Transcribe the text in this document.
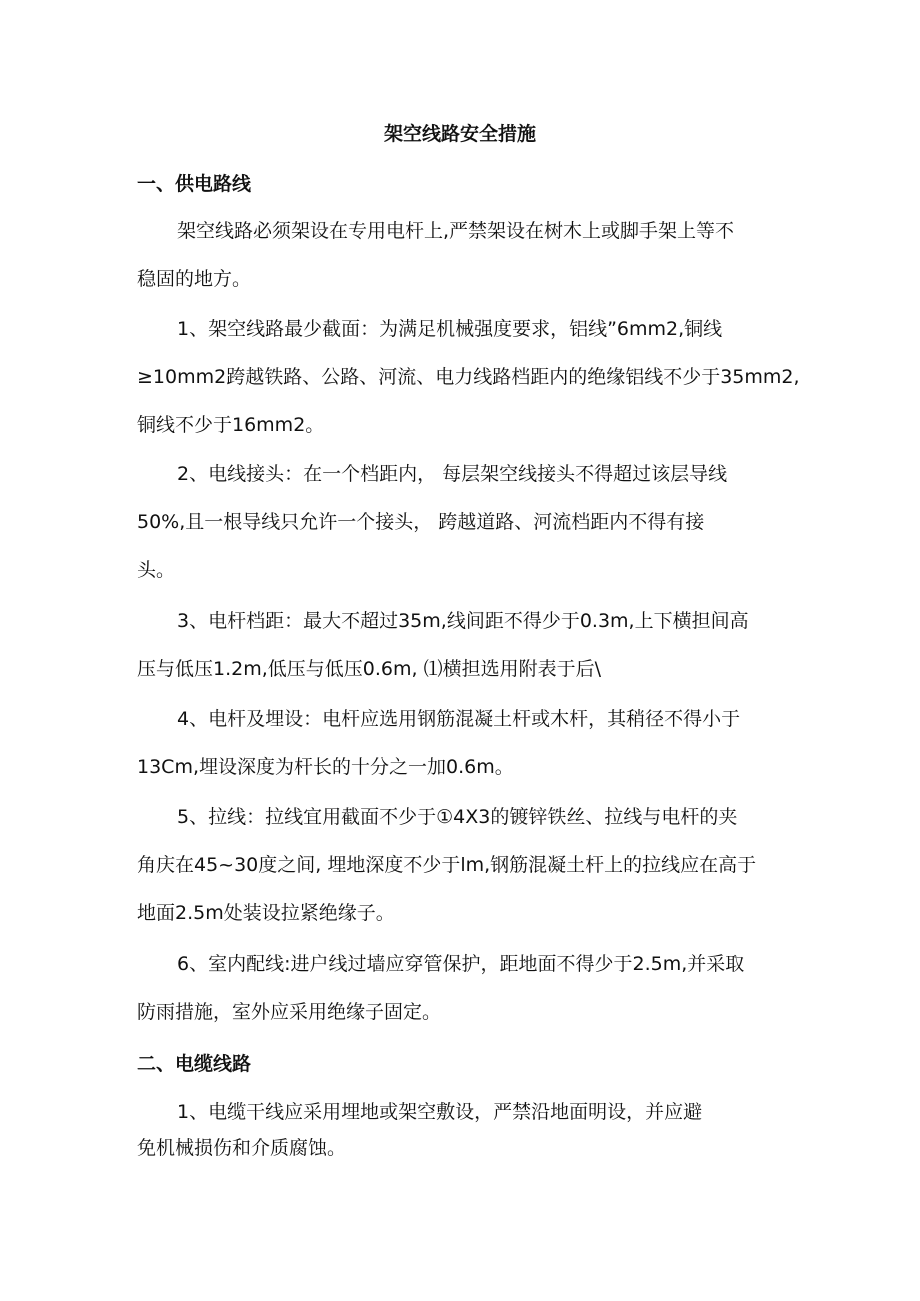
架空线路安全措施
一、供电路线

架空线路必须架设在专用电杆上,严禁架设在树木上或脚手架上等不
稳固的地方。

1、架空线路最少截面：为满足机械强度要求，铝线”6mm2,铜线
≥10mm2跨越铁路、公路、河流、电力线路档距内的绝缘铝线不少于35mm2,
铜线不少于16mm2。

2、电线接头：在一个档距内， 每层架空线接头不得超过该层导线
50%,且一根导线只允许一个接头， 跨越道路、河流档距内不得有接
头。

3、电杆档距：最大不超过35m,线间距不得少于0.3m,上下横担间高
压与低压1.2m,低压与低压0.6m, ⑴横担选用附表于后\

4、电杆及埋设：电杆应选用钢筋混凝土杆或木杆，其稍径不得小于
13Cm,埋设深度为杆长的十分之一加0.6m。

5、拉线：拉线宜用截面不少于①4X3的镀锌铁丝、拉线与电杆的夹
角庆在45~30度之间, 埋地深度不少于lm,钢筋混凝土杆上的拉线应在高于
地面2.5m处装设拉紧绝缘子。

6、室内配线:进户线过墙应穿管保护，距地面不得少于2.5m,并采取
防雨措施，室外应采用绝缘子固定。

二、电缆线路

1、电缆干线应采用埋地或架空敷设，严禁沿地面明设，并应避
免机械损伤和介质腐蚀。
